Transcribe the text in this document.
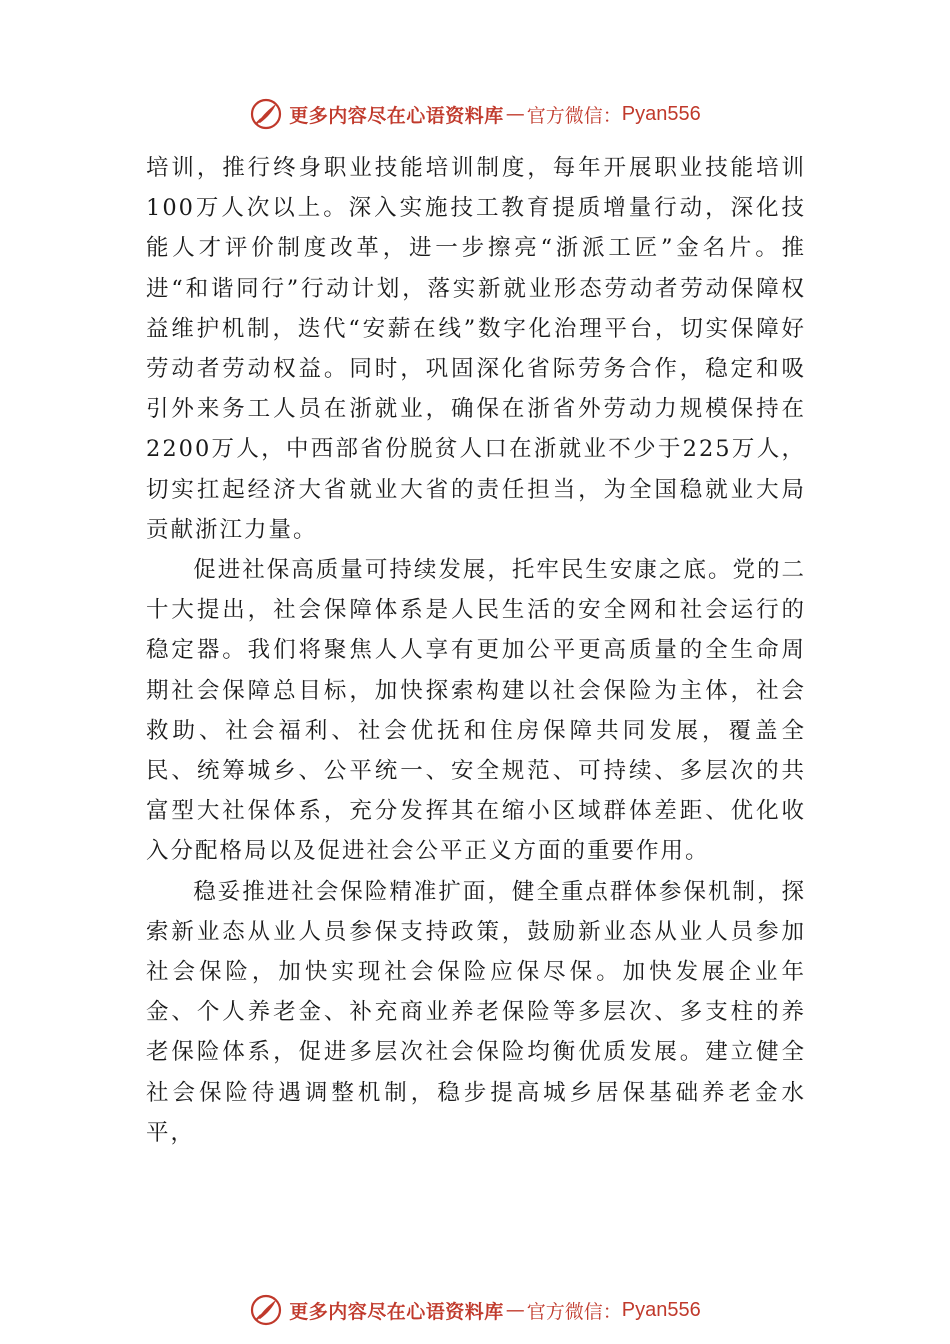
更多内容尽在心语资料库 — 官方微信： Pyan556

培训，推行终身职业技能培训制度，每年开展职业技能培训100万人次以上。深入实施技工教育提质增量行动，深化技能人才评价制度改革，进一步擦亮“浙派工匠”金名片。推进“和谐同行”行动计划，落实新就业形态劳动者劳动保障权益维护机制，迭代“安薪在线”数字化治理平台，切实保障好劳动者劳动权益。同时，巩固深化省际劳务合作，稳定和吸引外来务工人员在浙就业，确保在浙省外劳动力规模保持在2200万人，中西部省份脱贫人口在浙就业不少于225万人，切实扛起经济大省就业大省的责任担当，为全国稳就业大局贡献浙江力量。

促进社保高质量可持续发展，托牢民生安康之底。党的二十大提出，社会保障体系是人民生活的安全网和社会运行的稳定器。我们将聚焦人人享有更加公平更高质量的全生命周期社会保障总目标，加快探索构建以社会保险为主体，社会救助、社会福利、社会优抚和住房保障共同发展，覆盖全民、统筹城乡、公平统一、安全规范、可持续、多层次的共富型大社保体系，充分发挥其在缩小区域群体差距、优化收入分配格局以及促进社会公平正义方面的重要作用。

稳妥推进社会保险精准扩面，健全重点群体参保机制，探索新业态从业人员参保支持政策，鼓励新业态从业人员参加社会保险，加快实现社会保险应保尽保。加快发展企业年金、个人养老金、补充商业养老保险等多层次、多支柱的养老保险体系，促进多层次社会保险均衡优质发展。建立健全社会保险待遇调整机制，稳步提高城乡居保基础养老金水平，

更多内容尽在心语资料库 — 官方微信： Pyan556
